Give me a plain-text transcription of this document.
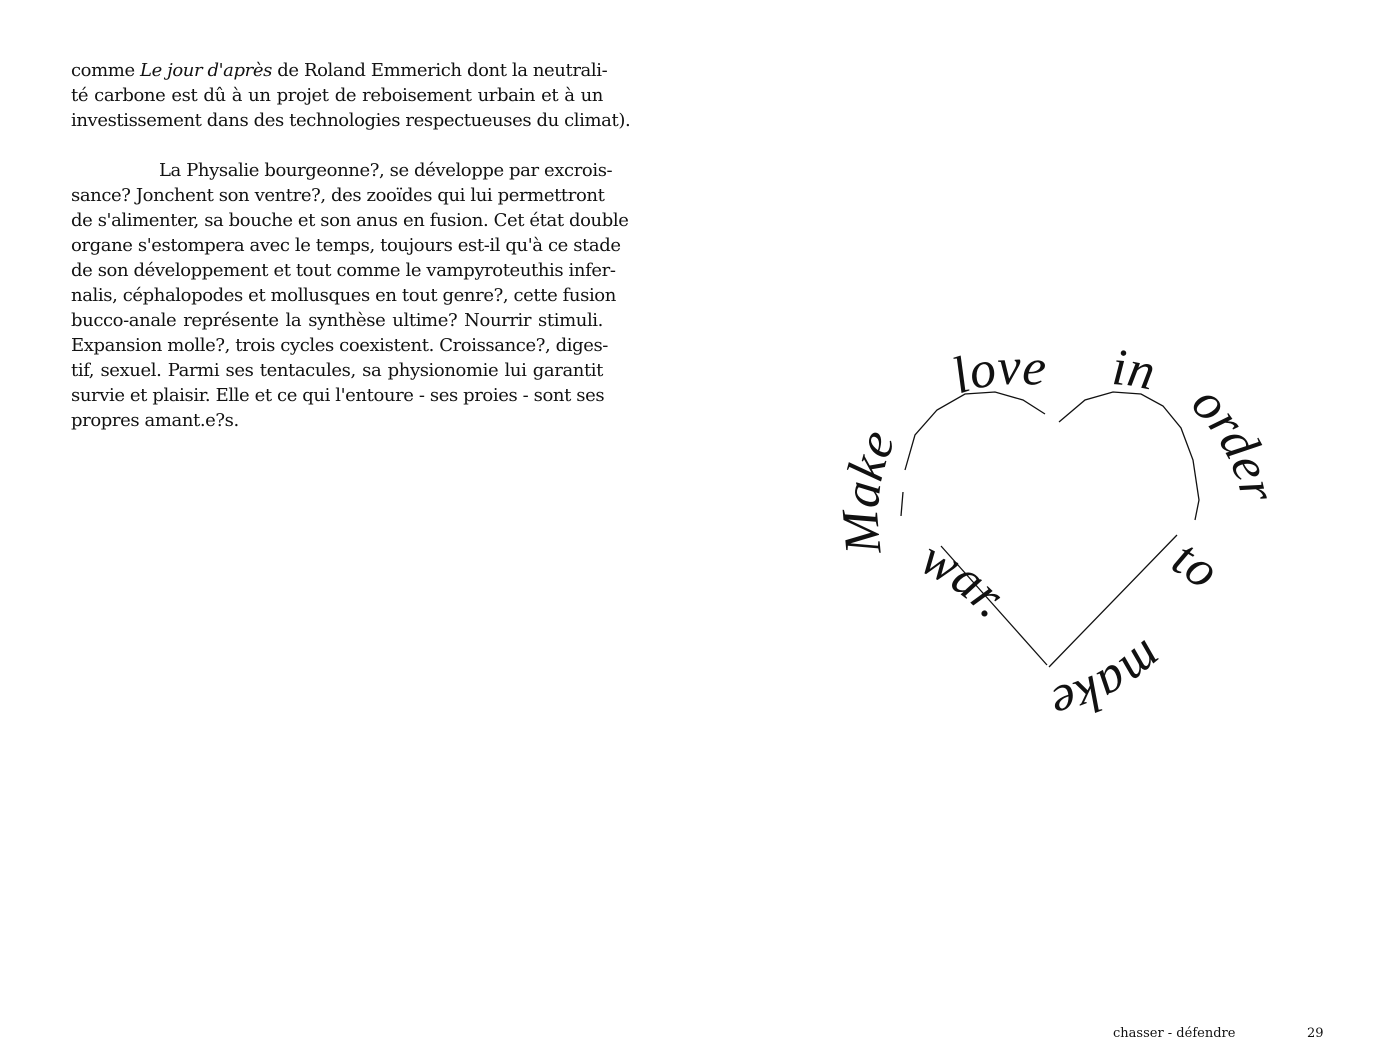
comme Le jour d'après de Roland Emmerich dont la neutrali-
té carbone est dû à un projet de reboisement urbain et à un
investissement dans des technologies respectueuses du climat).
La Physalie bourgeonne?, se développe par excrois-
sance? Jonchent son ventre?, des zooïdes qui lui permettront
de s'alimenter, sa bouche et son anus en fusion. Cet état double
organe s'estompera avec le temps, toujours est-il qu'à ce stade
de son développement et tout comme le vampyroteuthis infer-
nalis, céphalopodes et mollusques en tout genre?, cette fusion
bucco-anale représente la synthèse ultime? Nourrir stimuli.
Expansion molle?, trois cycles coexistent. Croissance?, diges-
tif, sexuel. Parmi ses tentacules, sa physionomie lui garantit
survie et plaisir. Elle et ce qui l'entoure - ses proies - sont ses
propres amant.e?s.
Make
love in
order
to
make
war.
chasser - défendre	29
